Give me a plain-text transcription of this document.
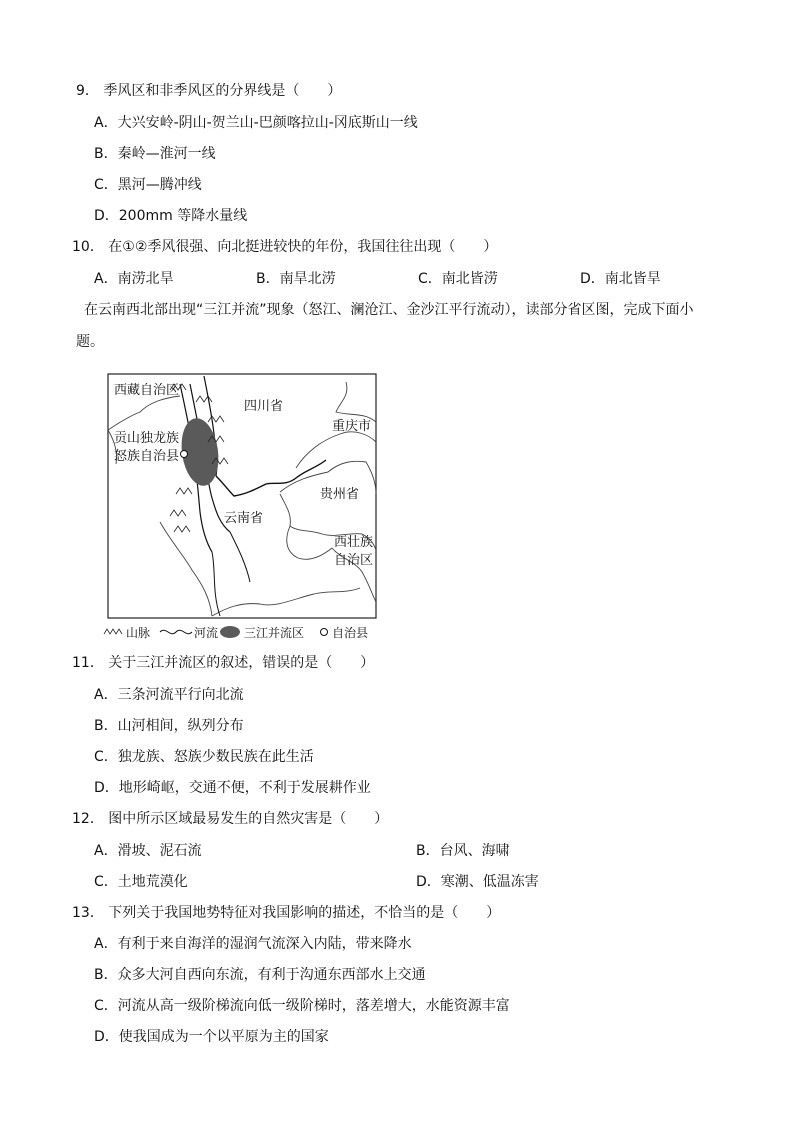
9． 季风区和非季风区的分界线是（　　）
A．大兴安岭-阴山-贺兰山-巴颜喀拉山-冈底斯山一线
B．秦岭—淮河一线
C．黑河—腾冲线
D．200mm 等降水量线
10． 在①②季风很强、向北挺进较快的年份，我国往往出现（　　）
A．南涝北旱	B．南旱北涝	C．南北皆涝	D．南北皆旱
在云南西北部出现“三江并流”现象（怒江、澜沧江、金沙江平行流动），读部分省区图，完成下面小
题。
西藏自治区
四川省
重庆市
贡山独龙族
怒族自治县
贵州省
云南省
西壮族
自治区
山脉	河流 三江并流区 自治县
11． 关于三江并流区的叙述，错误的是（　　）
A．三条河流平行向北流
B．山河相间，纵列分布
C．独龙族、怒族少数民族在此生活
D．地形崎岖，交通不便，不利于发展耕作业
12． 图中所示区域最易发生的自然灾害是（　　）
A．滑坡、泥石流	B．台风、海啸
C．土地荒漠化	D．寒潮、低温冻害
13． 下列关于我国地势特征对我国影响的描述，不恰当的是（　　）
A．有利于来自海洋的湿润气流深入内陆，带来降水
B．众多大河自西向东流，有利于沟通东西部水上交通
C．河流从高一级阶梯流向低一级阶梯时，落差增大，水能资源丰富
D．使我国成为一个以平原为主的国家
